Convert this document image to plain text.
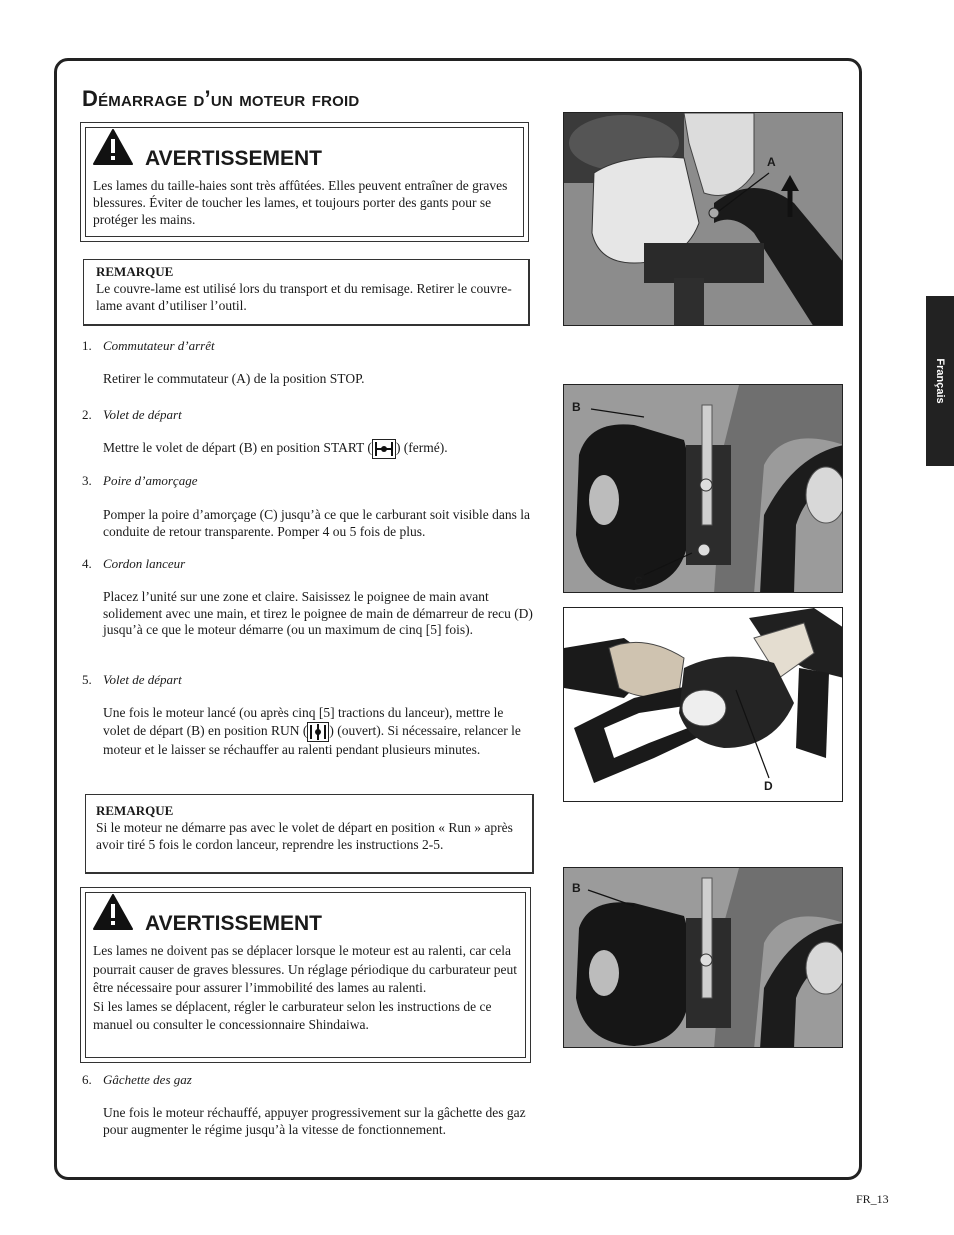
Démarrage d’un moteur froid
AVERTISSEMENT
Les lames du taille-haies sont très affûtées. Elles peuvent entraîner de graves blessures. Éviter de toucher les lames, et toujours porter des gants pour se protéger les mains.
REMARQUE
Le couvre-lame est utilisé lors du transport et du remisage. Retirer le couvre-lame avant d’utiliser l’outil.
1. Commutateur d’arrêt
Retirer le commutateur (A) de la position STOP.
2. Volet de départ
Mettre le volet de départ (B) en position START ( ) (fermé).
3. Poire d’amorçage
Pomper la poire d’amorçage (C) jusqu’à ce que le carburant soit visible dans la conduite de retour transparente. Pomper 4 ou 5 fois de plus.
4. Cordon lanceur
Placez l’unité sur une zone et claire. Saisissez le poignee de main avant solidement avec une main, et tirez le poignee de main de démarreur de recu (D) jusqu’à ce que le moteur démarre (ou un maximum de cinq [5] fois).
5. Volet de départ
Une fois le moteur lancé (ou après cinq [5] tractions du lanceur), mettre le volet de départ (B) en position RUN ( ) (ouvert). Si nécessaire, relancer le moteur et le laisser se réchauffer au ralenti pendant plusieurs minutes.
REMARQUE
Si le moteur ne démarre pas avec le volet de départ en position « Run » après avoir tiré 5 fois le cordon lanceur, reprendre les instructions 2-5.
AVERTISSEMENT
Les lames ne doivent pas se déplacer lorsque le moteur est au ralenti, car cela pourrait causer de graves blessures. Un réglage périodique du carburateur peut être nécessaire pour assurer l’immobilité des lames au ralenti.
Si les lames se déplacent, régler le carburateur selon les instructions de ce manuel ou consulter le concessionnaire Shindaiwa.
6. Gâchette des gaz
Une fois le moteur réchauffé, appuyer progressivement sur la gâchette des gaz pour augmenter le régime jusqu’à la vitesse de fonctionnement.
A
B
C
D
B
Français
FR_13
